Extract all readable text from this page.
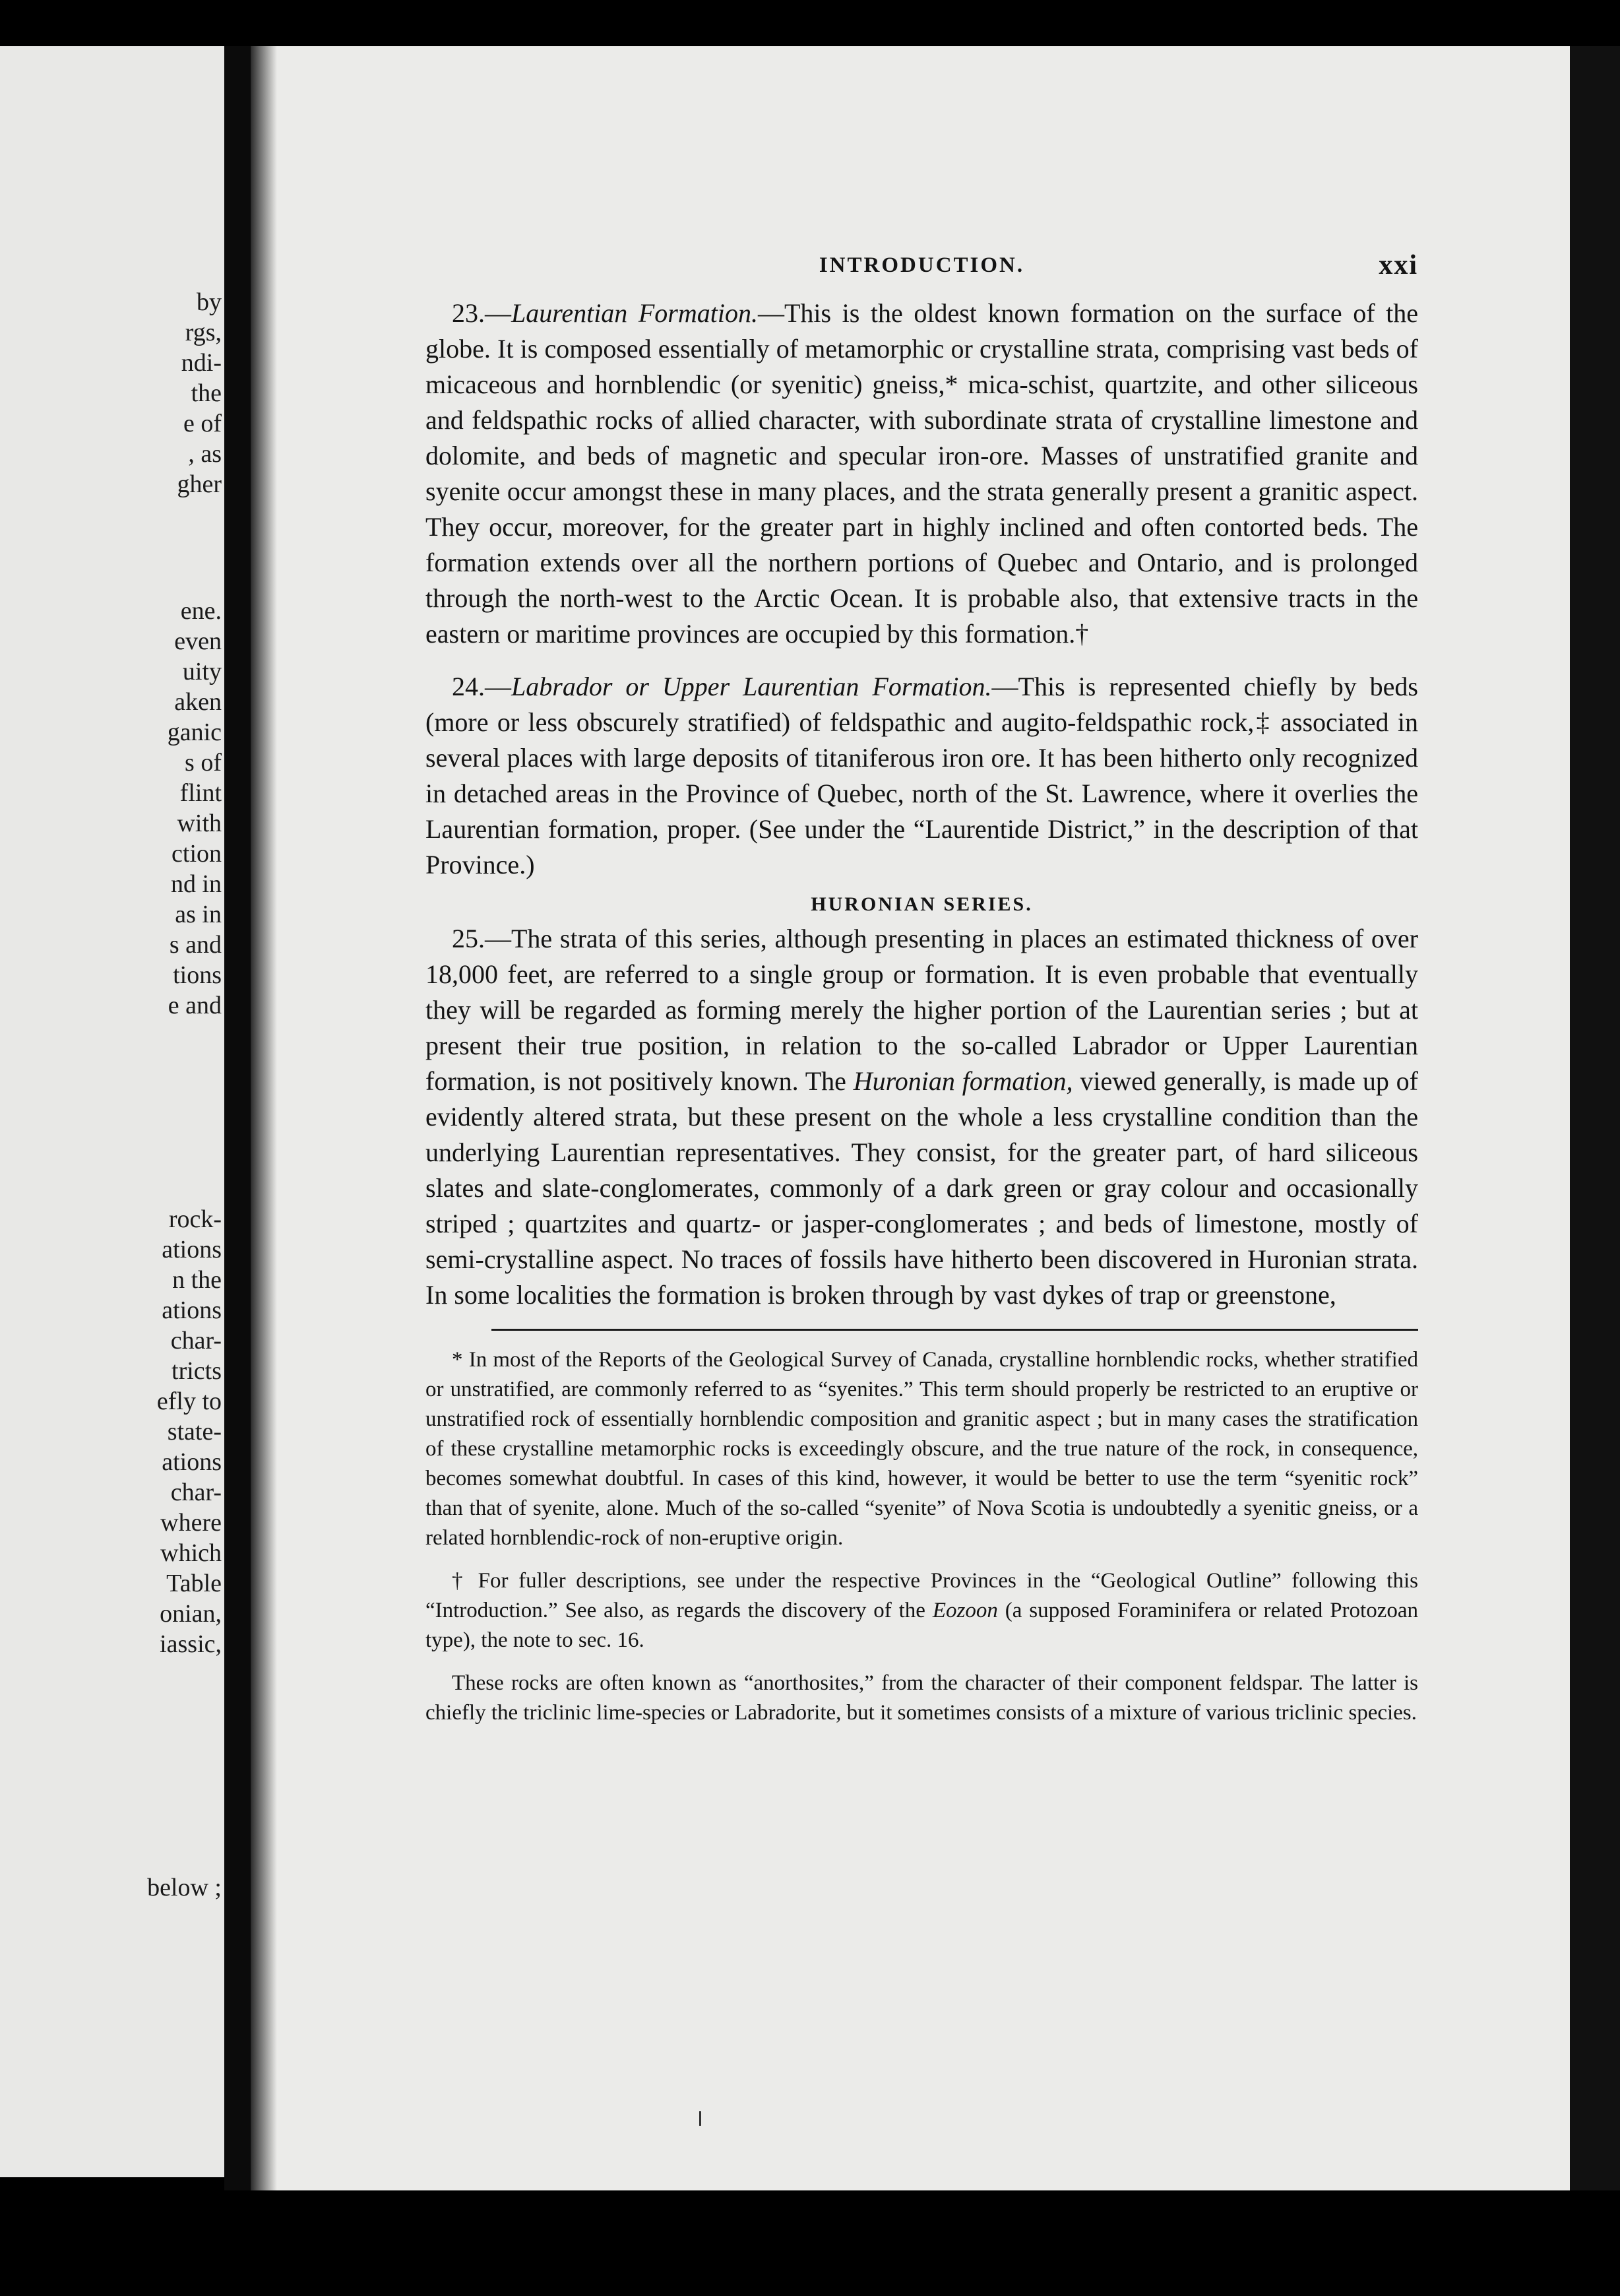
by
rgs,
ndi-
the
e of
, as
gher
ene.
even
uity
aken
ganic
s of
flint
with
ction
nd in
as in
s and
tions
e and
rock-
ations
n the
ations
char-
tricts
efly to
state-
ations
char-
where
which
Table
onian,
iassic,
below ;
INTRODUCTION.	xxi

23.—Laurentian Formation.—This is the oldest known formation on the surface of the globe. It is composed essentially of metamorphic or crystalline strata, comprising vast beds of micaceous and hornblendic (or syenitic) gneiss,* mica-schist, quartzite, and other siliceous and feldspathic rocks of allied character, with subordinate strata of crystalline limestone and dolomite, and beds of magnetic and specular iron-ore. Masses of unstratified granite and syenite occur amongst these in many places, and the strata generally present a granitic aspect. They occur, moreover, for the greater part in highly inclined and often contorted beds. The formation extends over all the northern portions of Quebec and Ontario, and is prolonged through the north-west to the Arctic Ocean. It is probable also, that extensive tracts in the eastern or maritime provinces are occupied by this formation.†

24.—Labrador or Upper Laurentian Formation.—This is represented chiefly by beds (more or less obscurely stratified) of feldspathic and augito-feldspathic rock,‡ associated in several places with large deposits of titaniferous iron ore. It has been hitherto only recognized in detached areas in the Province of Quebec, north of the St. Lawrence, where it overlies the Laurentian formation, proper. (See under the “Laurentide District,” in the description of that Province.)

HURONIAN SERIES.

25.—The strata of this series, although presenting in places an estimated thickness of over 18,000 feet, are referred to a single group or formation. It is even probable that eventually they will be regarded as forming merely the higher portion of the Laurentian series ; but at present their true position, in relation to the so-called Labrador or Upper Laurentian formation, is not positively known. The Huronian formation, viewed generally, is made up of evidently altered strata, but these present on the whole a less crystalline condition than the underlying Laurentian representatives. They consist, for the greater part, of hard siliceous slates and slate-conglomerates, commonly of a dark green or gray colour and occasionally striped ; quartzites and quartz- or jasper-conglomerates ; and beds of limestone, mostly of semi-crystalline aspect. No traces of fossils have hitherto been discovered in Huronian strata. In some localities the formation is broken through by vast dykes of trap or greenstone,

* In most of the Reports of the Geological Survey of Canada, crystalline hornblendic rocks, whether stratified or unstratified, are commonly referred to as “syenites.” This term should properly be restricted to an eruptive or unstratified rock of essentially hornblendic composition and granitic aspect ; but in many cases the stratification of these crystalline metamorphic rocks is exceedingly obscure, and the true nature of the rock, in consequence, becomes somewhat doubtful. In cases of this kind, however, it would be better to use the term “syenitic rock” than that of syenite, alone. Much of the so-called “syenite” of Nova Scotia is undoubtedly a syenitic gneiss, or a related hornblendic-rock of non-eruptive origin.

† For fuller descriptions, see under the respective Provinces in the “Geological Outline” following this “Introduction.” See also, as regards the discovery of the Eozoon (a supposed Foraminifera or related Protozoan type), the note to sec. 16.

These rocks are often known as “anorthosites,” from the character of their component feldspar. The latter is chiefly the triclinic lime-species or Labradorite, but it sometimes consists of a mixture of various triclinic species.
